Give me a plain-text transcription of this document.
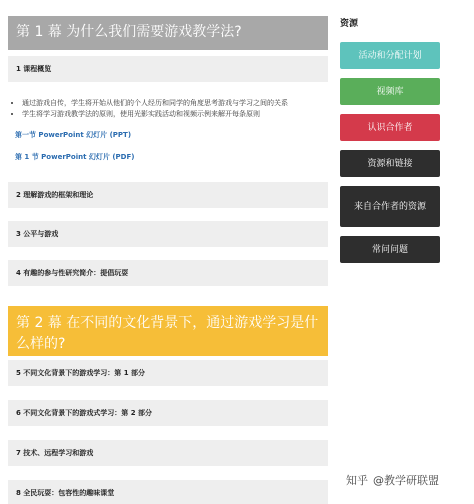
第 1 幕 为什么我们需要游戏教学法?
1 课程概览
• 通过游戏自传，学生将开始从他们的个人经历和同学的角度思考游戏与学习之间的关系
• 学生将学习游戏教学法的原则，使用光影实践活动和视频示例来解开每条原则
第一节 PowerPoint 幻灯片 (PPT)
第 1 节 PowerPoint 幻灯片 (PDF)
2 理解游戏的框架和理论
3 公平与游戏
4 有趣的参与性研究简介：提倡玩耍
第 2 幕 在不同的文化背景下，通过游戏学习是什么样的?
5 不同文化背景下的游戏学习：第 1 部分
6 不同文化背景下的游戏式学习：第 2 部分
7 技术、远程学习和游戏
8 全民玩耍：包容性的趣味课堂
资源
活动和分配计划
视频库
认识合作者
资源和链接
来自合作者的资源
常问问题
知乎 @教学研联盟
